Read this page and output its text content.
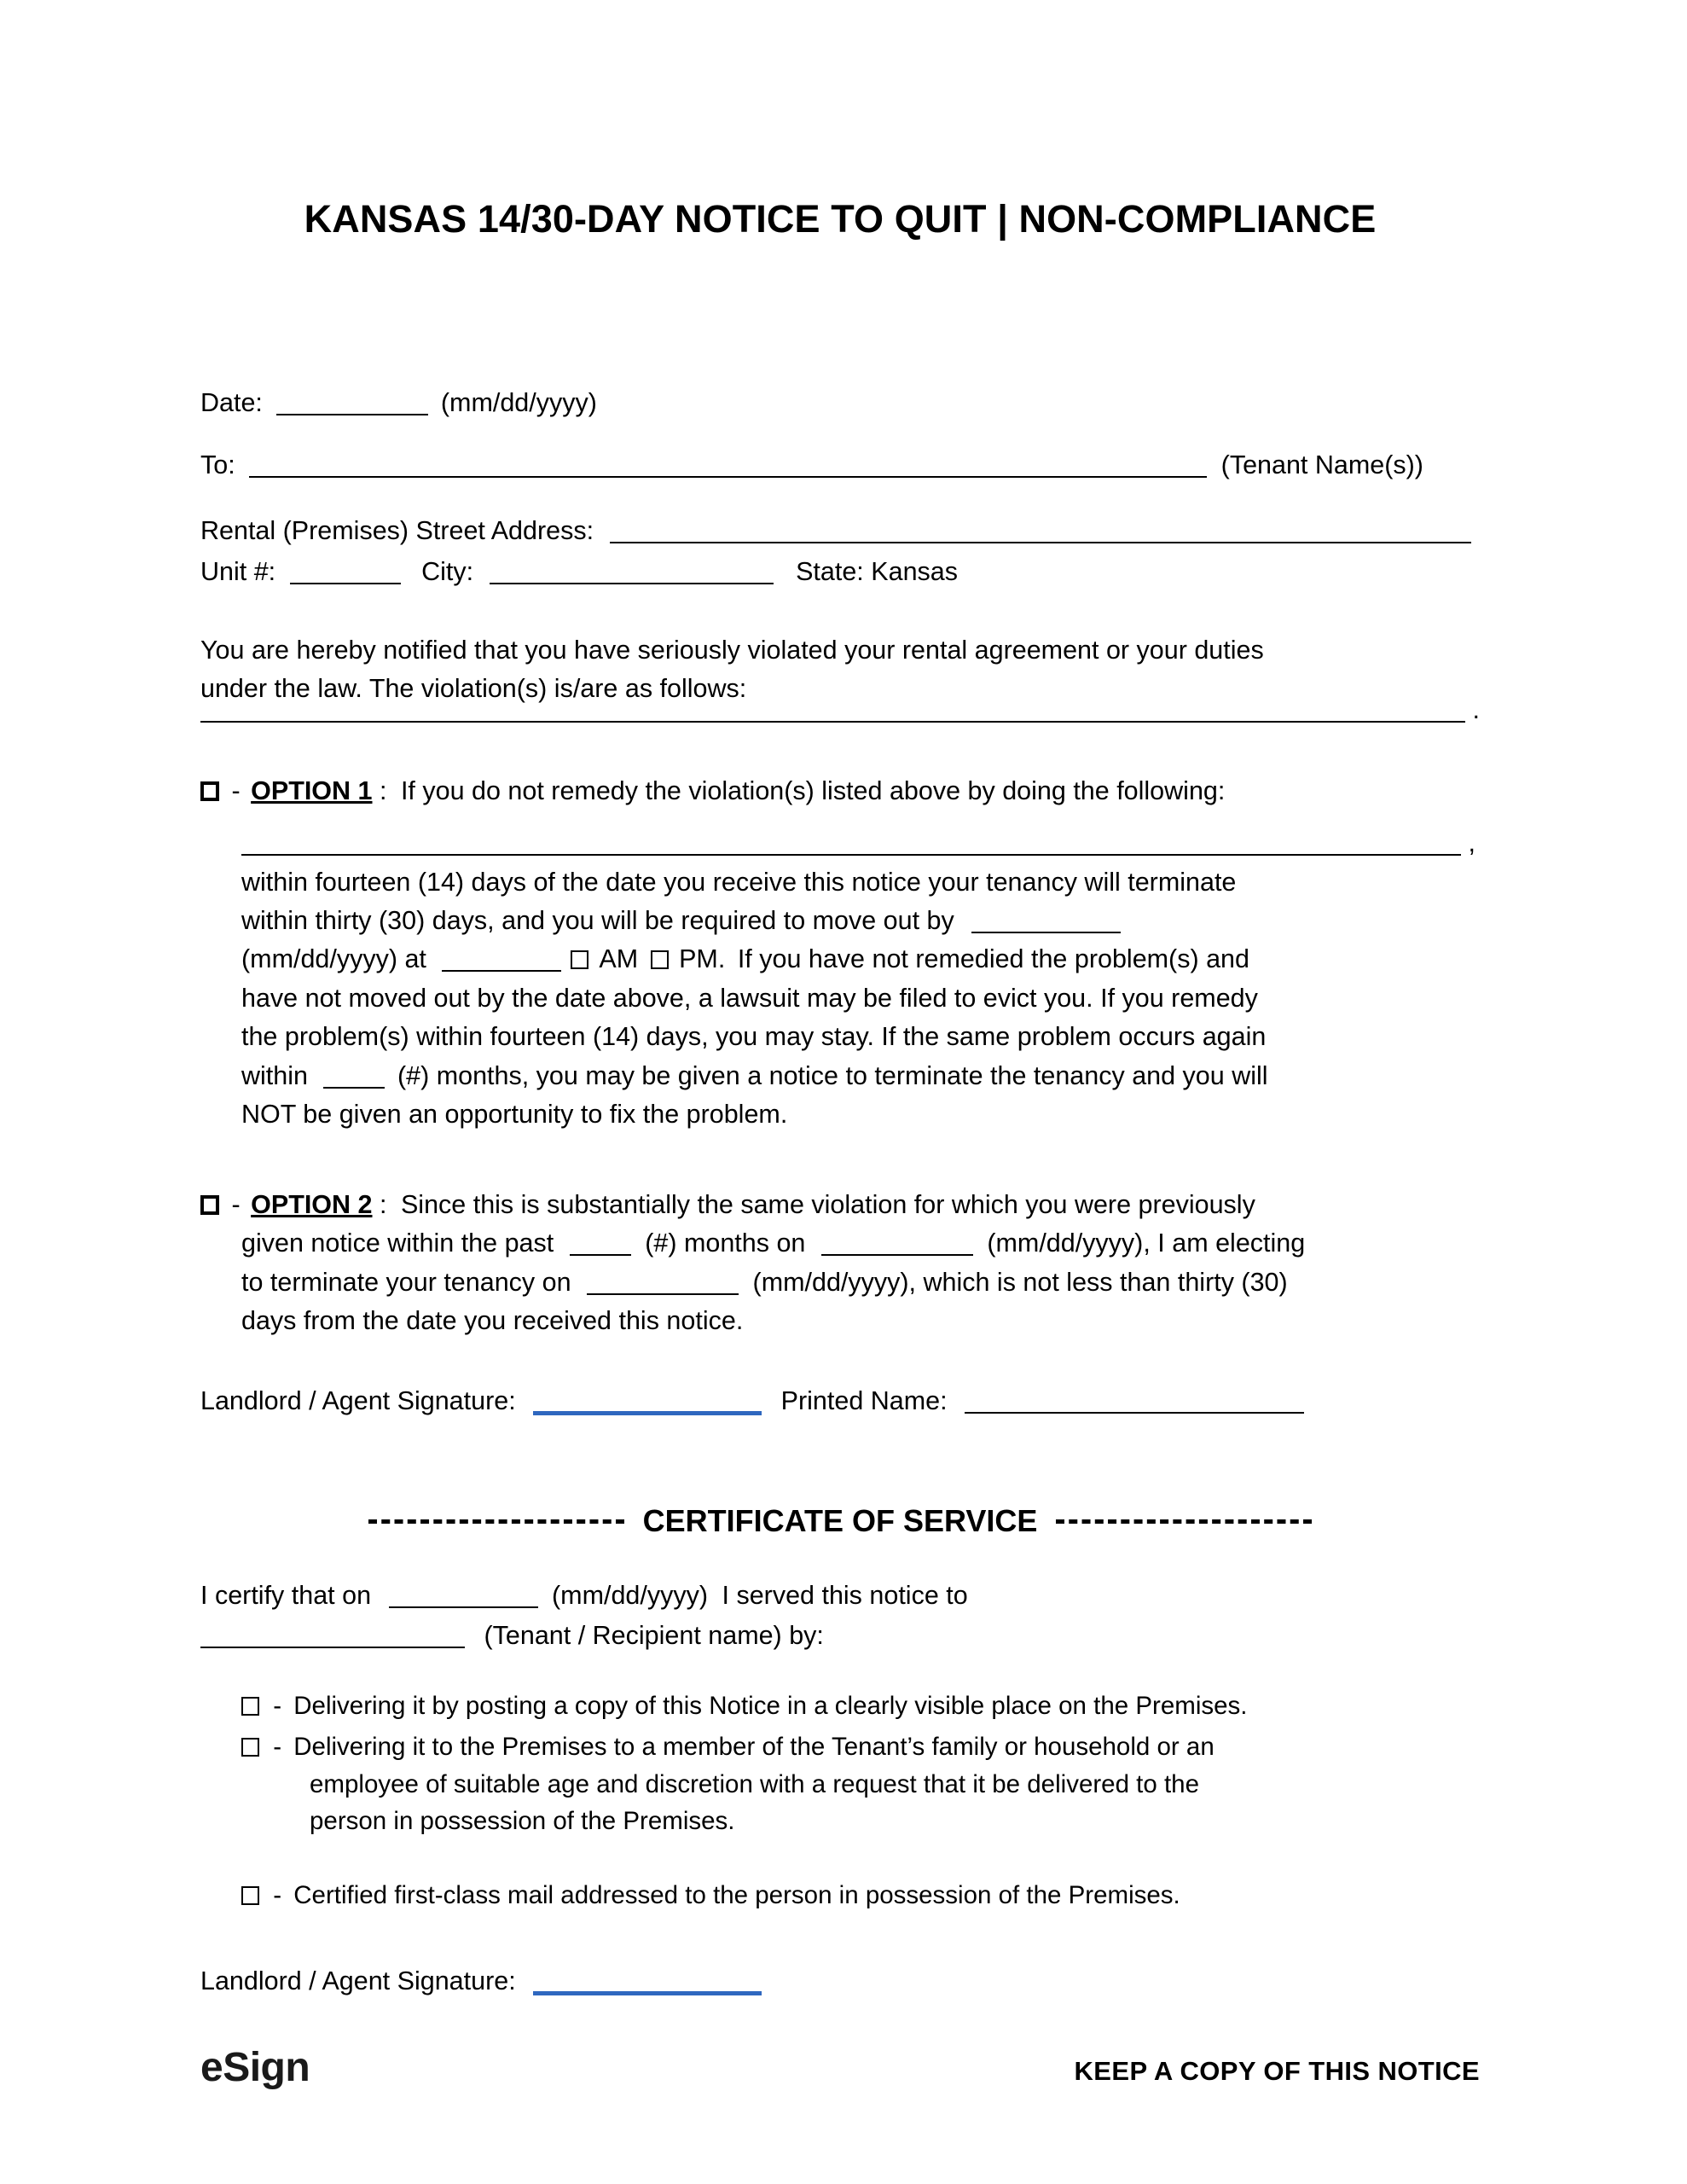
KANSAS 14/30-DAY NOTICE TO QUIT | NON-COMPLIANCE
Date:	(mm/dd/yyyy)
To:	(Tenant Name(s))
Rental (Premises) Street Address:
Unit #:	City:	State: Kansas
You are hereby notified that you have seriously violated your rental agreement or your duties
under the law. The violation(s) is/are as follows:
.
- OPTION 1 : If you do not remedy the violation(s) listed above by doing the following:
,
within fourteen (14) days of the date you receive this notice your tenancy will terminate
within thirty (30) days, and you will be required to move out by
(mm/dd/yyyy) at	AM PM. If you have not remedied the problem(s) and
have not moved out by the date above, a lawsuit may be filed to evict you. If you remedy
the problem(s) within fourteen (14) days, you may stay. If the same problem occurs again
within	(#) months, you may be given a notice to terminate the tenancy and you will
NOT be given an opportunity to fix the problem.
- OPTION 2 : Since this is substantially the same violation for which you were previously
given notice within the past	(#) months on	(mm/dd/yyyy), I am electing
to terminate your tenancy on	(mm/dd/yyyy), which is not less than thirty (30)
days from the date you received this notice.
Landlord / Agent Signature:	Printed Name:
CERTIFICATE OF SERVICE
I certify that on	(mm/dd/yyyy) I served this notice to
(Tenant / Recipient name) by:
- Delivering it by posting a copy of this Notice in a clearly visible place on the Premises.
- Delivering it to the Premises to a member of the Tenant’s family or household or an
employee of suitable age and discretion with a request that it be delivered to the
person in possession of the Premises.
- Certified first-class mail addressed to the person in possession of the Premises.
Landlord / Agent Signature:
eSign	KEEP A COPY OF THIS NOTICE
